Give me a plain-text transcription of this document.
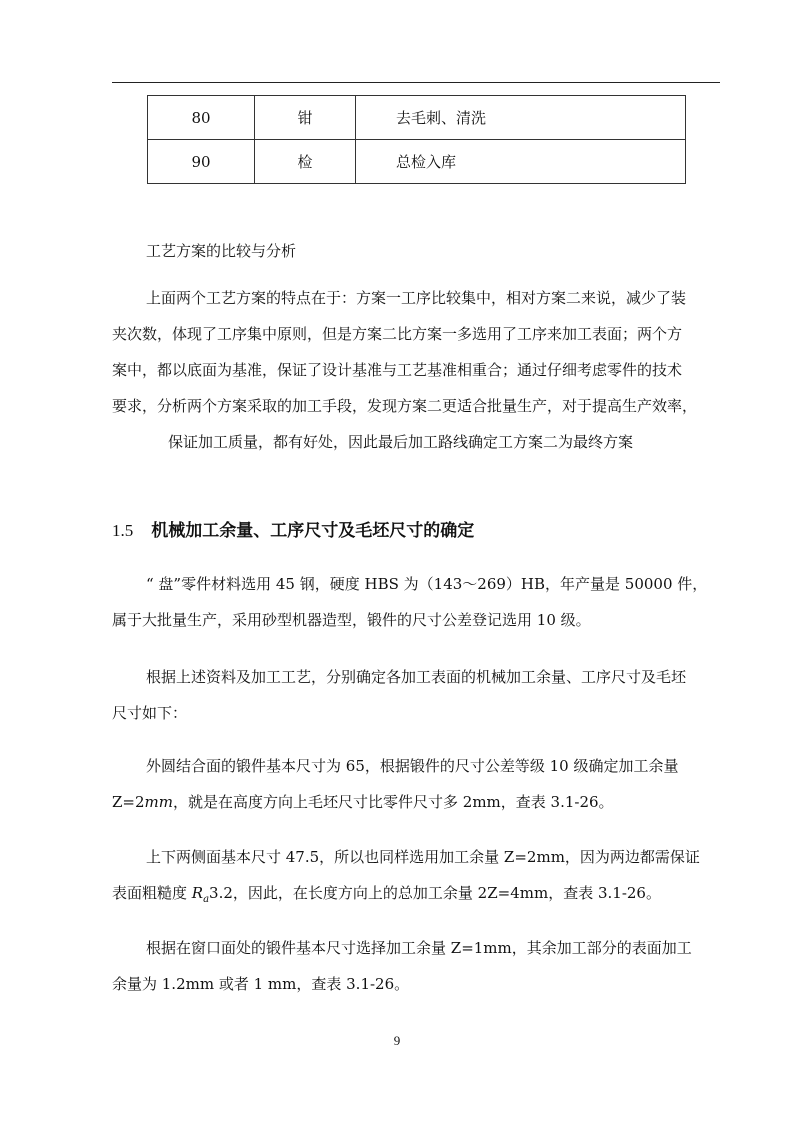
80	钳	去毛刺、清洗
90	检	总检入库

工艺方案的比较与分析

上面两个工艺方案的特点在于：方案一工序比较集中，相对方案二来说，减少了装
夹次数，体现了工序集中原则，但是方案二比方案一多选用了工序来加工表面；两个方
案中，都以底面为基准，保证了设计基准与工艺基准相重合；通过仔细考虑零件的技术
要求，分析两个方案采取的加工手段，发现方案二更适合批量生产，对于提高生产效率，
保证加工质量，都有好处，因此最后加工路线确定工方案二为最终方案

1.5 机械加工余量、工序尺寸及毛坯尺寸的确定

“ 盘”零件材料选用 45 钢，硬度 HBS 为（143～269）HB，年产量是 50000 件，
属于大批量生产，采用砂型机器造型，锻件的尺寸公差登记选用 10 级。

根据上述资料及加工工艺，分别确定各加工表面的机械加工余量、工序尺寸及毛坯
尺寸如下：

外圆结合面的锻件基本尺寸为 65，根据锻件的尺寸公差等级 10 级确定加工余量
Z=2mm，就是在高度方向上毛坯尺寸比零件尺寸多 2mm，查表 3.1-26。

上下两侧面基本尺寸 47.5，所以也同样选用加工余量 Z=2mm，因为两边都需保证
表面粗糙度 $R_a3.2$，因此，在长度方向上的总加工余量 2Z=4mm，查表 3.1-26。

根据在窗口面处的锻件基本尺寸选择加工余量 Z=1mm，其余加工部分的表面加工
余量为 1.2mm 或者 1 mm，查表 3.1-26。

9
